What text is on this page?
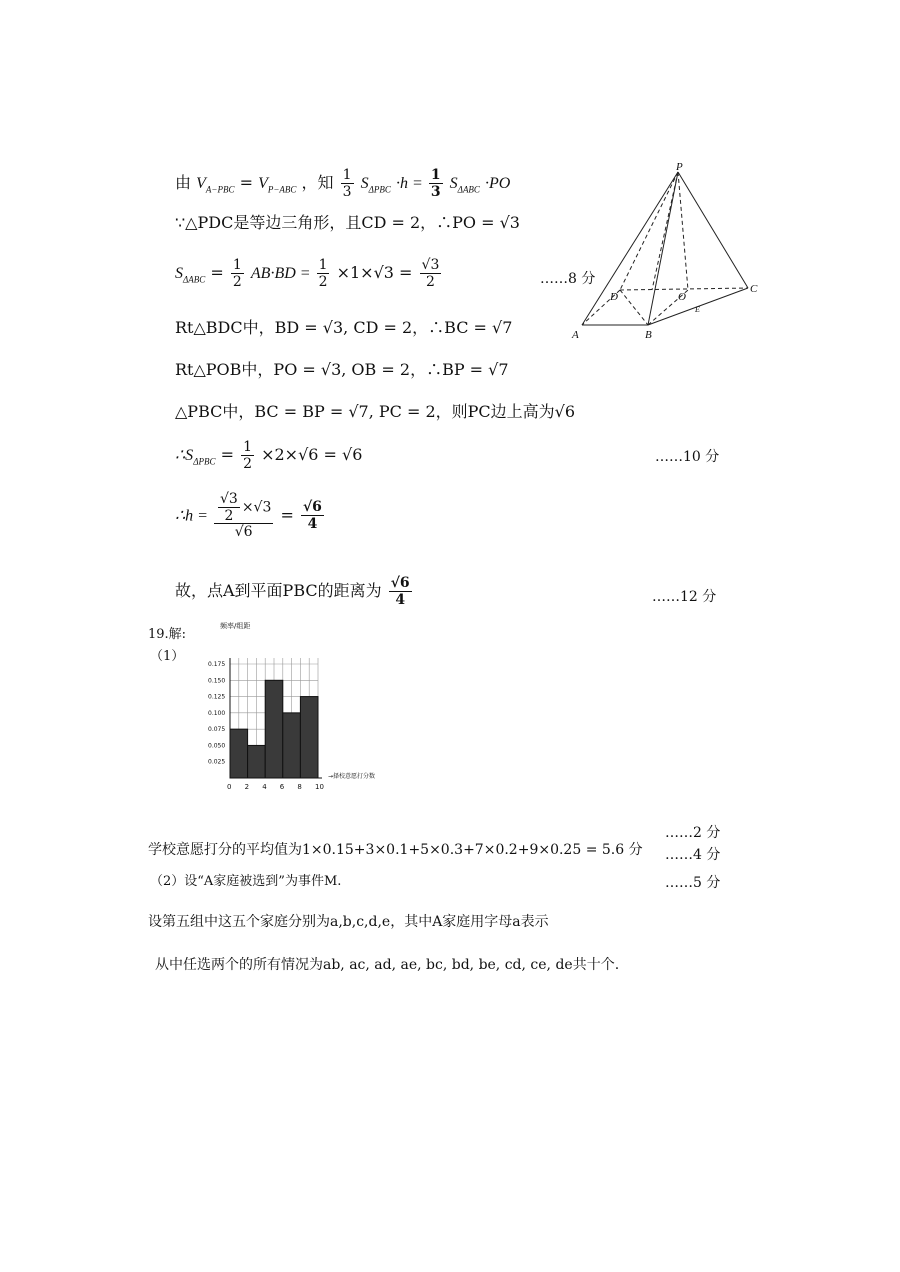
由 $V_{A-PBC} = V_{P-ABC}$ ，知 $\frac{1}{3} S_{\Delta PBC} \cdot h = \frac{1}{3} S_{\Delta ABC} \cdot PO$
∵△PDC是等边三角形，且CD = 2，∴PO = √3
$S_{\Delta ABC} = \frac{1}{2} AB\cdot BD = \frac{1}{2} \times 1\times√3 = \frac{√3}{2}$	……8 分
Rt△BDC中，BD = √3, CD = 2，∴BC = √7
Rt△POB中，PO = √3, OB = 2，∴BP = √7
△PBC中，BC = BP = √7, PC = 2，则PC边上高为√6
$\therefore S_{\Delta PBC} = \frac{1}{2} \times 2\times√6 = √6$	……10 分
∴h = $\frac{\frac{√3}{2} \times√3}{√6} = \frac{√6}{4}$
故，点A到平面PBC的距离为 $\frac{√6}{4}$	……12 分
P
A	B
C
D	O
E
19.解:
（1）
频率/组距
0.025
0.050
0.075
0.100
0.125
0.150
0.175
0 2 4 6 8 10
→择校意愿打分数
……2 分
学校意愿打分的平均值为1×0.15+3×0.1+5×0.3+7×0.2+9×0.25 = 5.6 分 ……4 分
（2）设“A家庭被选到”为事件M.	……5 分
设第五组中这五个家庭分别为a,b,c,d,e，其中A家庭用字母a表示
从中任选两个的所有情况为ab, ac, ad, ae, bc, bd, be, cd, ce, de共十个.
